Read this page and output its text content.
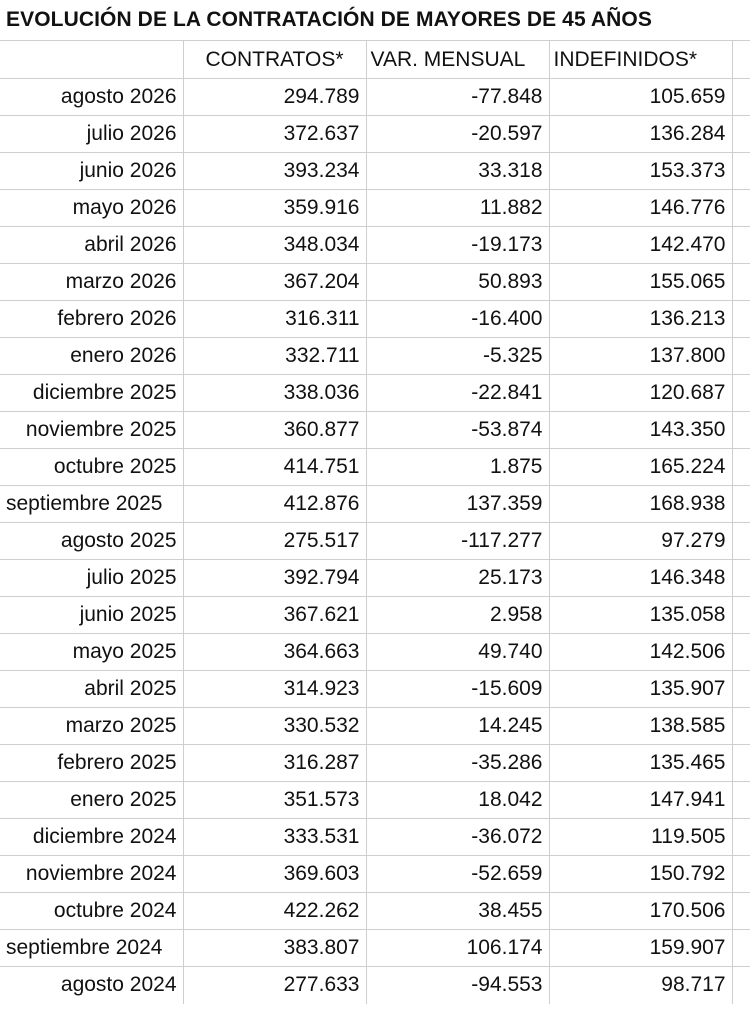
EVOLUCIÓN DE LA CONTRATACIÓN DE MAYORES DE 45 AÑOS
	CONTRATOS*	VAR. MENSUAL	INDEFINIDOS*	
agosto 2026	294.789	-77.848	105.659	
julio 2026	372.637	-20.597	136.284	
junio 2026	393.234	33.318	153.373	
mayo 2026	359.916	11.882	146.776	
abril 2026	348.034	-19.173	142.470	
marzo 2026	367.204	50.893	155.065	
febrero 2026	316.311	-16.400	136.213	
enero 2026	332.711	-5.325	137.800	
diciembre 2025	338.036	-22.841	120.687	
noviembre 2025	360.877	-53.874	143.350	
octubre 2025	414.751	1.875	165.224	
septiembre 2025	412.876	137.359	168.938	
agosto 2025	275.517	-117.277	97.279	
julio 2025	392.794	25.173	146.348	
junio 2025	367.621	2.958	135.058	
mayo 2025	364.663	49.740	142.506	
abril 2025	314.923	-15.609	135.907	
marzo 2025	330.532	14.245	138.585	
febrero 2025	316.287	-35.286	135.465	
enero 2025	351.573	18.042	147.941	
diciembre 2024	333.531	-36.072	119.505	
noviembre 2024	369.603	-52.659	150.792	
octubre 2024	422.262	38.455	170.506	
septiembre 2024	383.807	106.174	159.907	
agosto 2024	277.633	-94.553	98.717	
